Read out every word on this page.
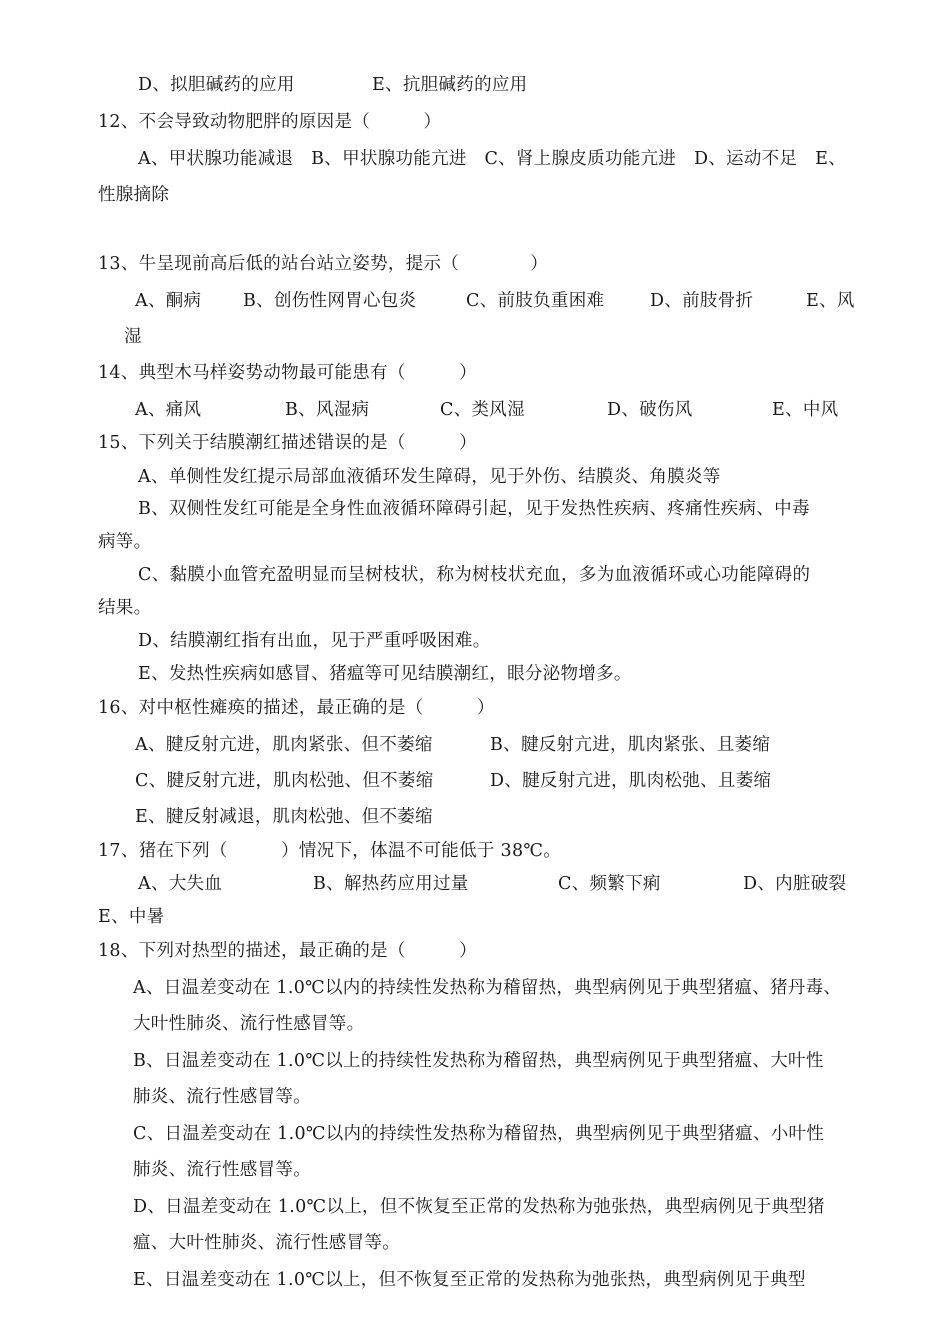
D、拟胆碱药的应用	E、抗胆碱药的应用
12、不会导致动物肥胖的原因是（　　　）
A、甲状腺功能减退　B、甲状腺功能亢进　C、肾上腺皮质功能亢进　D、运动不足　E、
性腺摘除
13、牛呈现前高后低的站台站立姿势，提示（　　　　）
A、酮病 B、创伤性网胃心包炎	C、前肢负重困难	D、前肢骨折	E、风
湿
14、典型木马样姿势动物最可能患有（　　　）
A、痛风	B、风湿病	C、类风湿	D、破伤风	E、中风
15、下列关于结膜潮红描述错误的是（　　　）
A、单侧性发红提示局部血液循环发生障碍，见于外伤、结膜炎、角膜炎等
B、双侧性发红可能是全身性血液循环障碍引起，见于发热性疾病、疼痛性疾病、中毒
病等。
C、黏膜小血管充盈明显而呈树枝状，称为树枝状充血，多为血液循环或心功能障碍的
结果。
D、结膜潮红指有出血，见于严重呼吸困难。
E、发热性疾病如感冒、猪瘟等可见结膜潮红，眼分泌物增多。
16、对中枢性瘫痪的描述，最正确的是（　　　）
A、腱反射亢进，肌肉紧张、但不萎缩	B、腱反射亢进，肌肉紧张、且萎缩
C、腱反射亢进，肌肉松弛、但不萎缩	D、腱反射亢进，肌肉松弛、且萎缩
E、腱反射减退，肌肉松弛、但不萎缩
17、猪在下列（　　　）情况下，体温不可能低于 38℃。
A、大失血	B、解热药应用过量	C、频繁下痢	D、内脏破裂
E、中暑
18、下列对热型的描述，最正确的是（　　　）
A、日温差变动在 1.0℃以内的持续性发热称为稽留热，典型病例见于典型猪瘟、猪丹毒、
大叶性肺炎、流行性感冒等。
B、日温差变动在 1.0℃以上的持续性发热称为稽留热，典型病例见于典型猪瘟、大叶性
肺炎、流行性感冒等。
C、日温差变动在 1.0℃以内的持续性发热称为稽留热，典型病例见于典型猪瘟、小叶性
肺炎、流行性感冒等。
D、日温差变动在 1.0℃以上，但不恢复至正常的发热称为弛张热，典型病例见于典型猪
瘟、大叶性肺炎、流行性感冒等。
E、日温差变动在 1.0℃以上，但不恢复至正常的发热称为弛张热，典型病例见于典型
